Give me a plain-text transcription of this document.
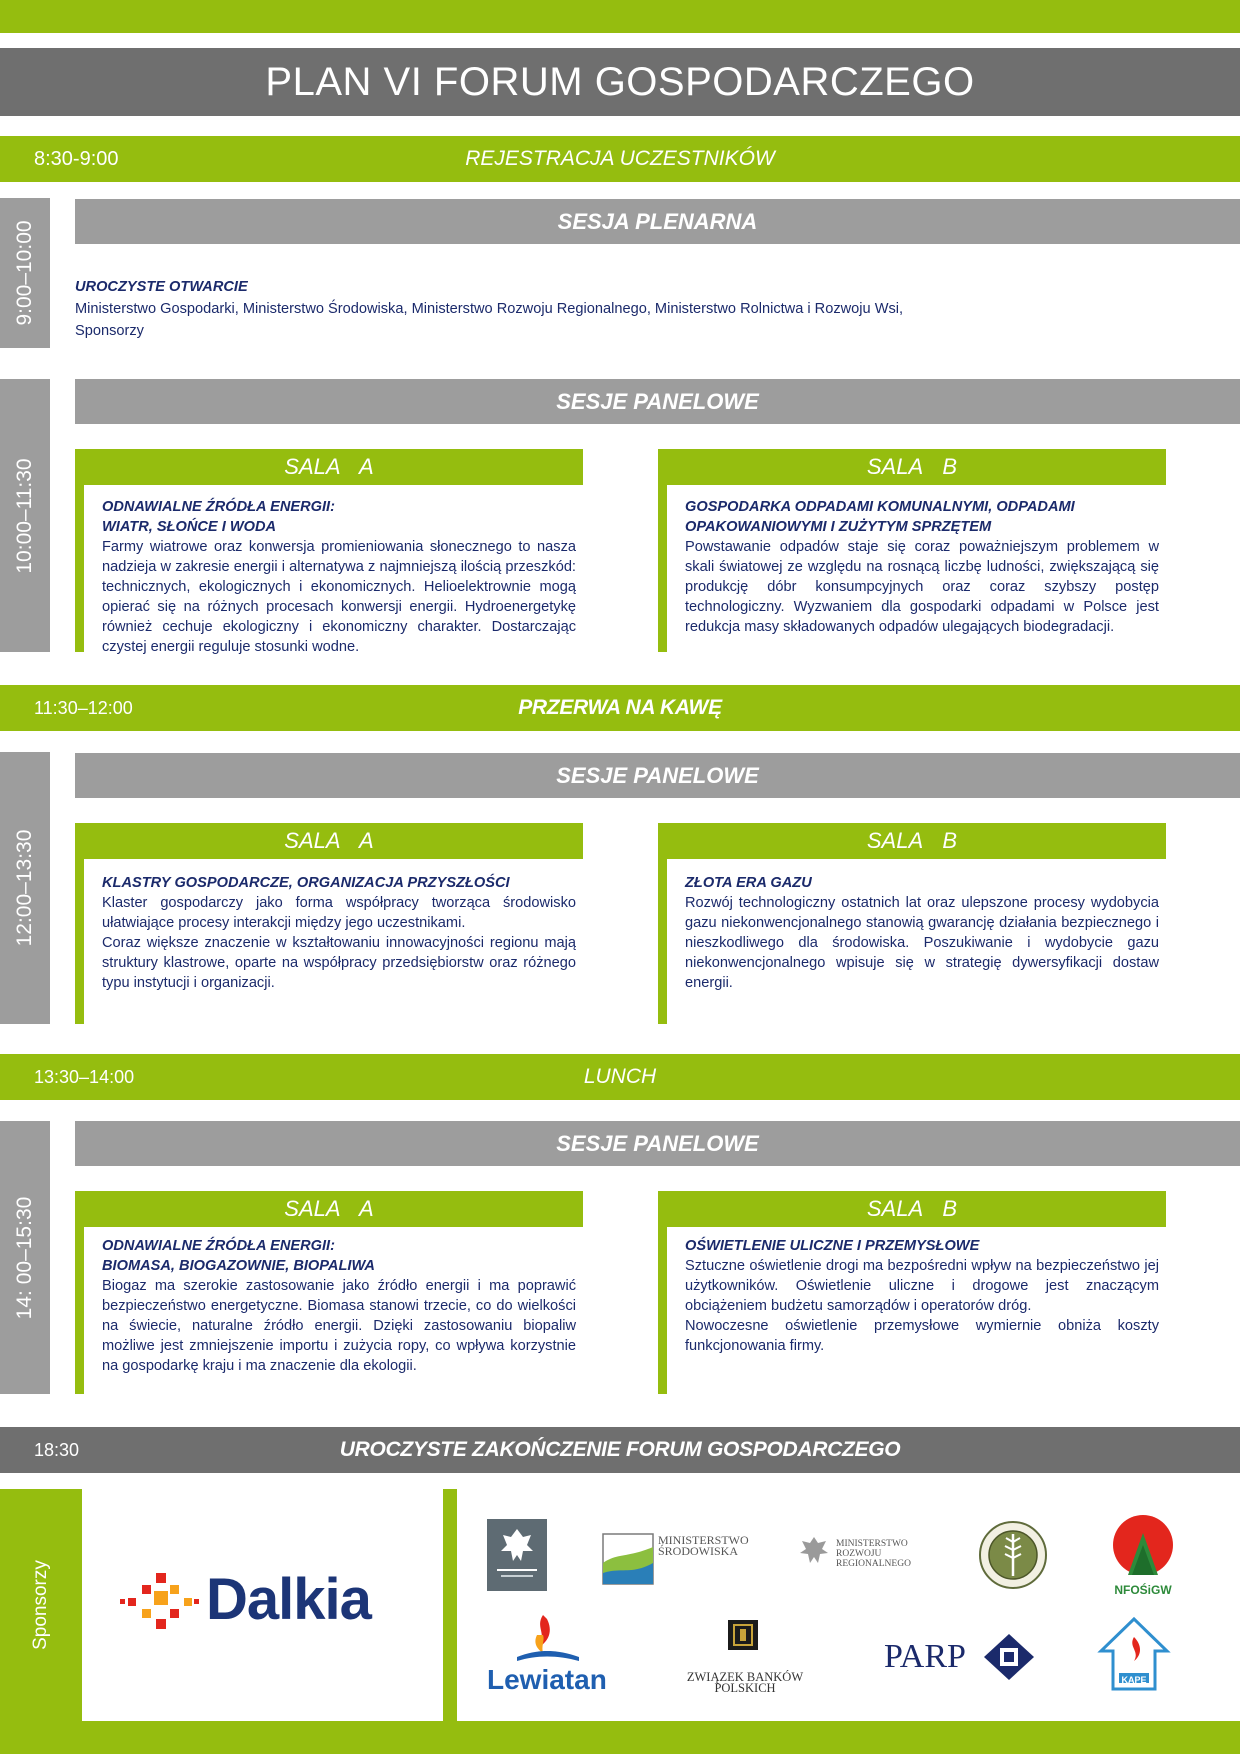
PLAN VI FORUM GOSPODARCZEGO
8:30-9:00	REJESTRACJA UCZESTNIKÓW
9:00–10:00	SESJA PLENARNA
UROCZYSTE OTWARCIE
Ministerstwo Gospodarki, Ministerstwo Środowiska, Ministerstwo Rozwoju Regionalnego, Ministerstwo Rolnictwa i Rozwoju Wsi,
Sponsorzy
10:00–11:30
SESJE PANELOWE
SALA A
ODNAWIALNE ŹRÓDŁA ENERGII:
WIATR, SŁOŃCE I WODA

Farmy wiatrowe oraz konwersja promieniowania słonecznego to nasza nadzieja w zakresie energii i alternatywa z najmniejszą ilością przeszkód: technicznych, ekologicznych i ekonomicznych. Helioelektrownie mogą opierać się na różnych procesach konwersji energii. Hydroenergetykę również cechuje ekologiczny i ekonomiczny charakter. Dostarczając czystej energii reguluje stosunki wodne.

SALA B
GOSPODARKA ODPADAMI KOMUNALNYMI, ODPADAMI OPAKOWANIOWYMI I ZUŻYTYM SPRZĘTEM

Powstawanie odpadów staje się coraz poważniejszym problemem w skali światowej ze względu na rosnącą liczbę ludności, zwiększającą się produkcję dóbr konsumpcyjnych oraz coraz szybszy postęp technologiczny. Wyzwaniem dla gospodarki odpadami w Polsce jest redukcja masy składowanych odpadów ulegających biodegradacji.

11:30–12:00	PRZERWA NA KAWĘ
12:00–13:30
SESJE PANELOWE
SALA A
KLASTRY GOSPODARCZE, ORGANIZACJA PRZYSZŁOŚCI

Klaster gospodarczy jako forma współpracy tworząca środowisko ułatwiające procesy interakcji między jego uczestnikami.

Coraz większe znaczenie w kształtowaniu innowacyjności regionu mają struktury klastrowe, oparte na współpracy przedsiębiorstw oraz różnego typu instytucji i organizacji.

SALA B
ZŁOTA ERA GAZU

Rozwój technologiczny ostatnich lat oraz ulepszone procesy wydobycia gazu niekonwencjonalnego stanowią gwarancję działania bezpiecznego i nieszkodliwego dla środowiska. Poszukiwanie i wydobycie gazu niekonwencjonalnego wpisuje się w strategię dywersyfikacji dostaw energii.

13:30–14:00	LUNCH
14: 00–15:30
SESJE PANELOWE
SALA A
ODNAWIALNE ŹRÓDŁA ENERGII:
BIOMASA, BIOGAZOWNIE, BIOPALIWA

Biogaz ma szerokie zastosowanie jako źródło energii i ma poprawić bezpieczeństwo energetyczne. Biomasa stanowi trzecie, co do wielkości na świecie, naturalne źródło energii. Dzięki zastosowaniu biopaliw możliwe jest zmniejszenie importu i zużycia ropy, co wpływa korzystnie na gospodarkę kraju i ma znaczenie dla ekologii.

SALA B
OŚWIETLENIE ULICZNE I PRZEMYSŁOWE

Sztuczne oświetlenie drogi ma bezpośredni wpływ na bezpieczeństwo jej użytkowników. Oświetlenie uliczne i drogowe jest znaczącym obciążeniem budżetu samorządów i operatorów dróg.

Nowoczesne oświetlenie przemysłowe wymiernie obniża koszty funkcjonowania firmy.

18:30	UROCZYSTE ZAKOŃCZENIE FORUM GOSPODARCZEGO
Sponsorzy	Dalkia
MINISTERSTWO ŚRODOWISKA	MINISTERSTWO
ROZWOJU
REGIONALNEGO
NFOŚiGW
Lewiatan	ZWIĄZEK BANKÓW POLSKICH
PARP
KAPE
